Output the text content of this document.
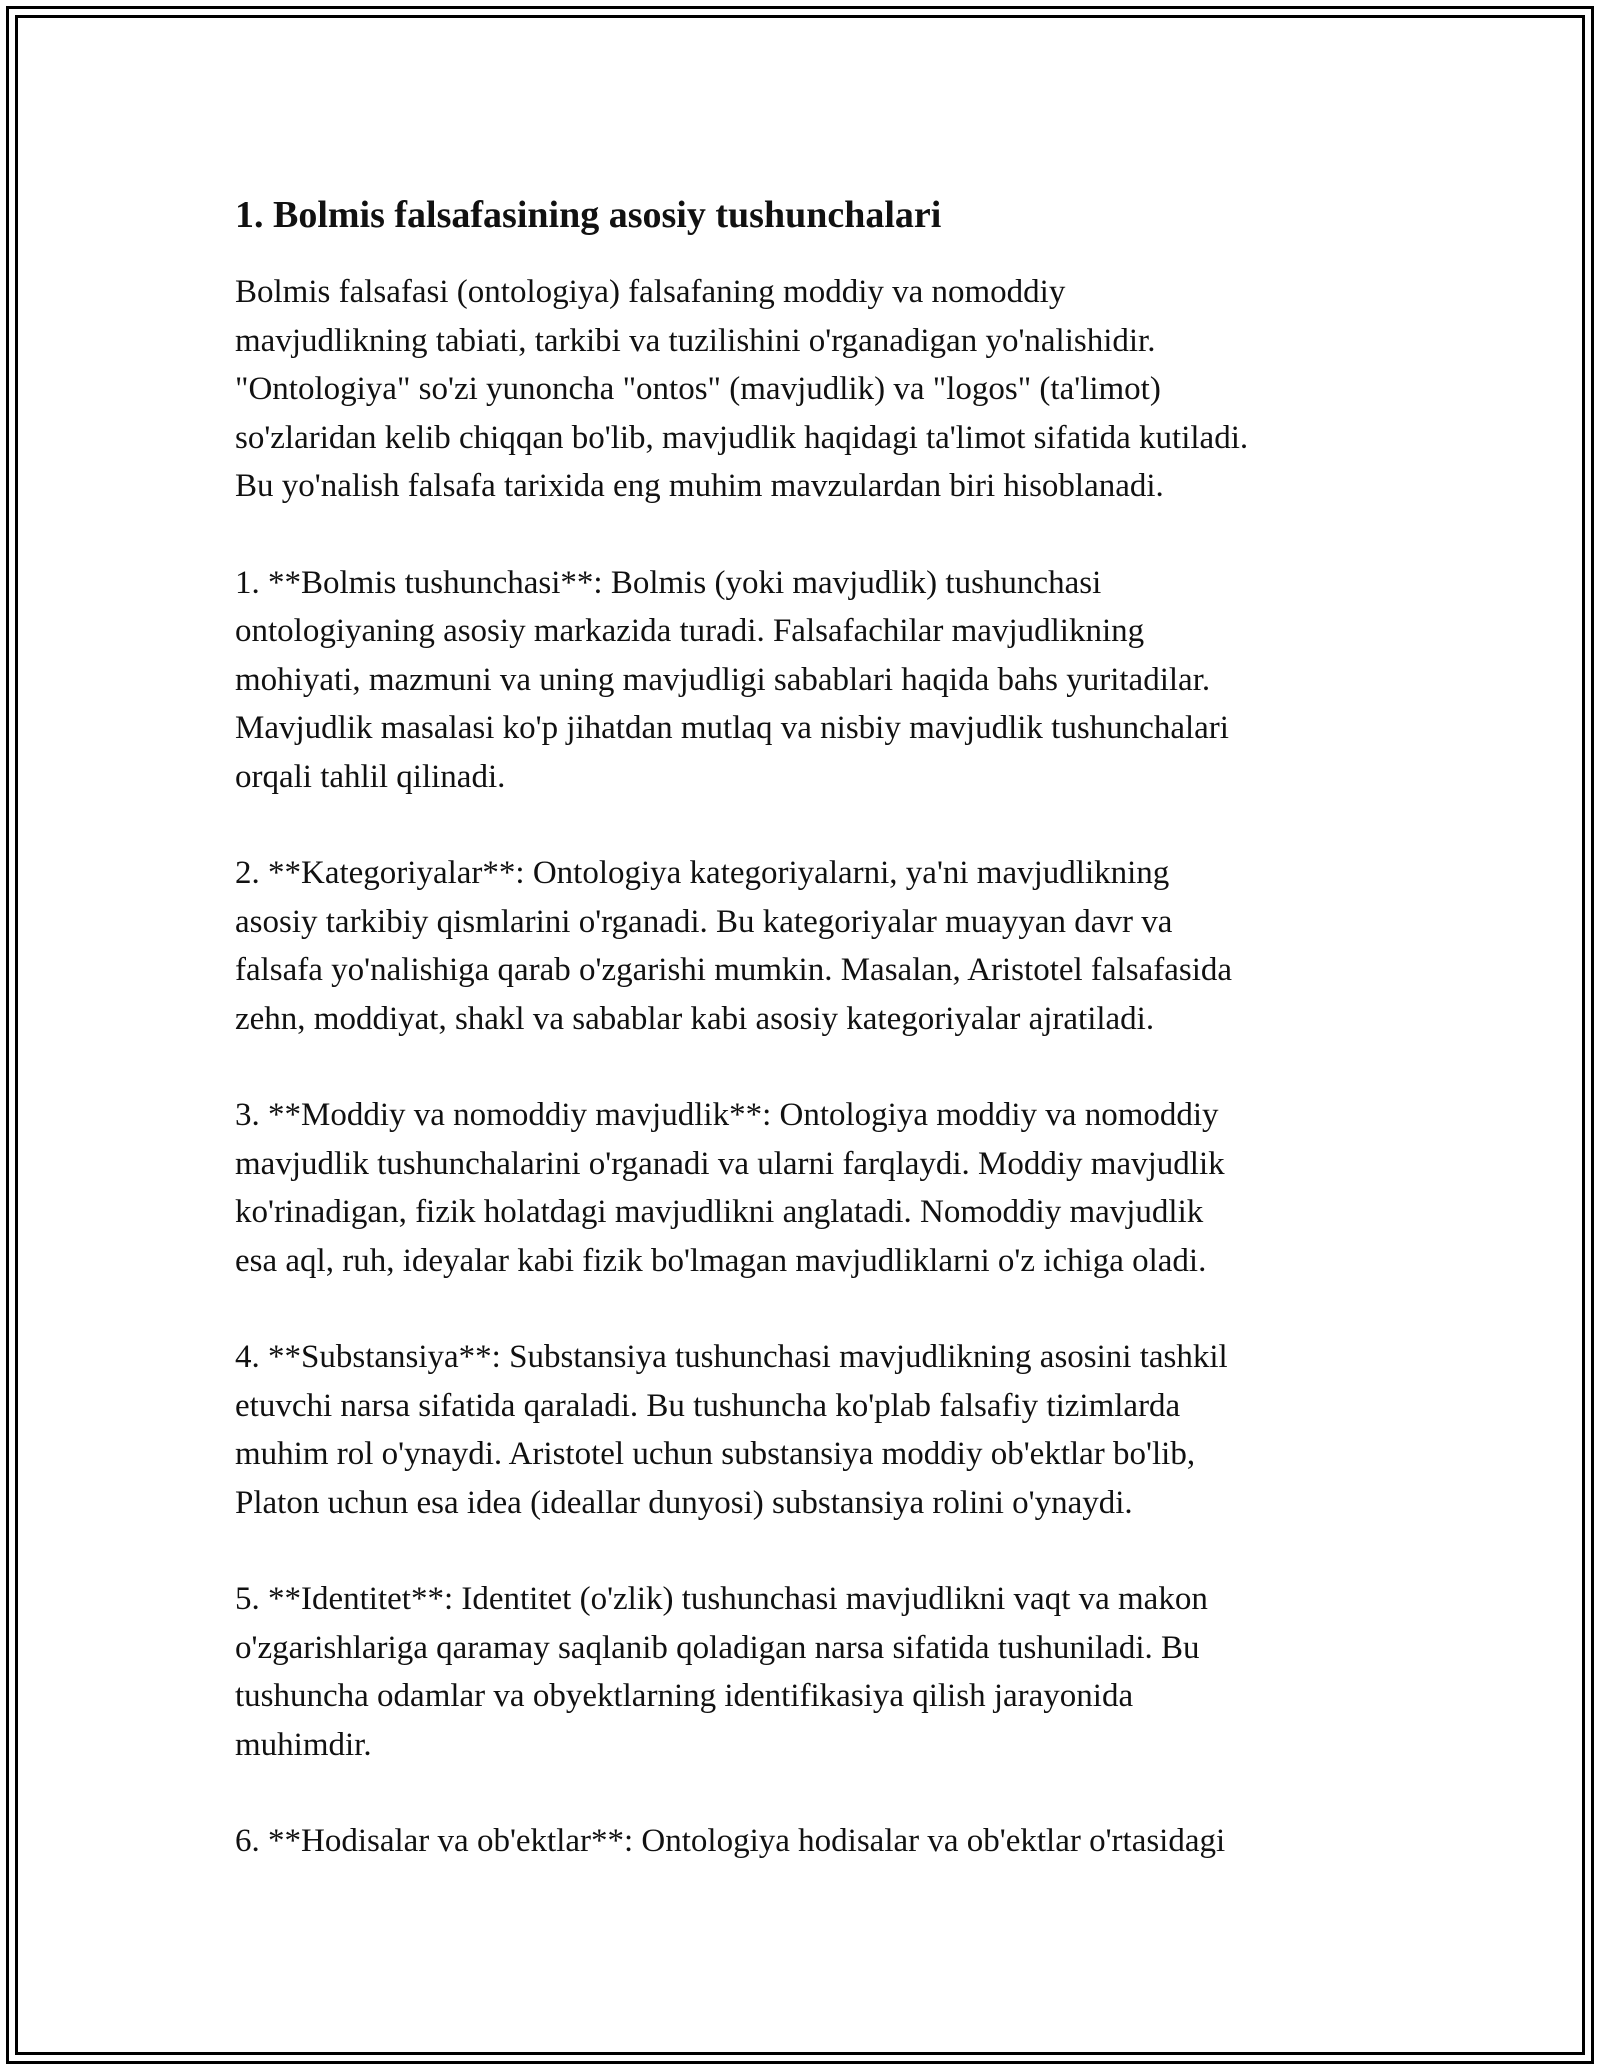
1. Bolmis falsafasining asosiy tushunchalari

Bolmis falsafasi (ontologiya) falsafaning moddiy va nomoddiy
mavjudlikning tabiati, tarkibi va tuzilishini o'rganadigan yo'nalishidir.
"Ontologiya" so'zi yunoncha "ontos" (mavjudlik) va "logos" (ta'limot)
so'zlaridan kelib chiqqan bo'lib, mavjudlik haqidagi ta'limot sifatida kutiladi.
Bu yo'nalish falsafa tarixida eng muhim mavzulardan biri hisoblanadi.

1. **Bolmis tushunchasi**: Bolmis (yoki mavjudlik) tushunchasi
ontologiyaning asosiy markazida turadi. Falsafachilar mavjudlikning
mohiyati, mazmuni va uning mavjudligi sabablari haqida bahs yuritadilar.
Mavjudlik masalasi ko'p jihatdan mutlaq va nisbiy mavjudlik tushunchalari
orqali tahlil qilinadi.

2. **Kategoriyalar**: Ontologiya kategoriyalarni, ya'ni mavjudlikning
asosiy tarkibiy qismlarini o'rganadi. Bu kategoriyalar muayyan davr va
falsafa yo'nalishiga qarab o'zgarishi mumkin. Masalan, Aristotel falsafasida
zehn, moddiyat, shakl va sabablar kabi asosiy kategoriyalar ajratiladi.

3. **Moddiy va nomoddiy mavjudlik**: Ontologiya moddiy va nomoddiy
mavjudlik tushunchalarini o'rganadi va ularni farqlaydi. Moddiy mavjudlik
ko'rinadigan, fizik holatdagi mavjudlikni anglatadi. Nomoddiy mavjudlik
esa aql, ruh, ideyalar kabi fizik bo'lmagan mavjudliklarni o'z ichiga oladi.

4. **Substansiya**: Substansiya tushunchasi mavjudlikning asosini tashkil
etuvchi narsa sifatida qaraladi. Bu tushuncha ko'plab falsafiy tizimlarda
muhim rol o'ynaydi. Aristotel uchun substansiya moddiy ob'ektlar bo'lib,
Platon uchun esa idea (ideallar dunyosi) substansiya rolini o'ynaydi.

5. **Identitet**: Identitet (o'zlik) tushunchasi mavjudlikni vaqt va makon
o'zgarishlariga qaramay saqlanib qoladigan narsa sifatida tushuniladi. Bu
tushuncha odamlar va obyektlarning identifikasiya qilish jarayonida
muhimdir.

6. **Hodisalar va ob'ektlar**: Ontologiya hodisalar va ob'ektlar o'rtasidagi
